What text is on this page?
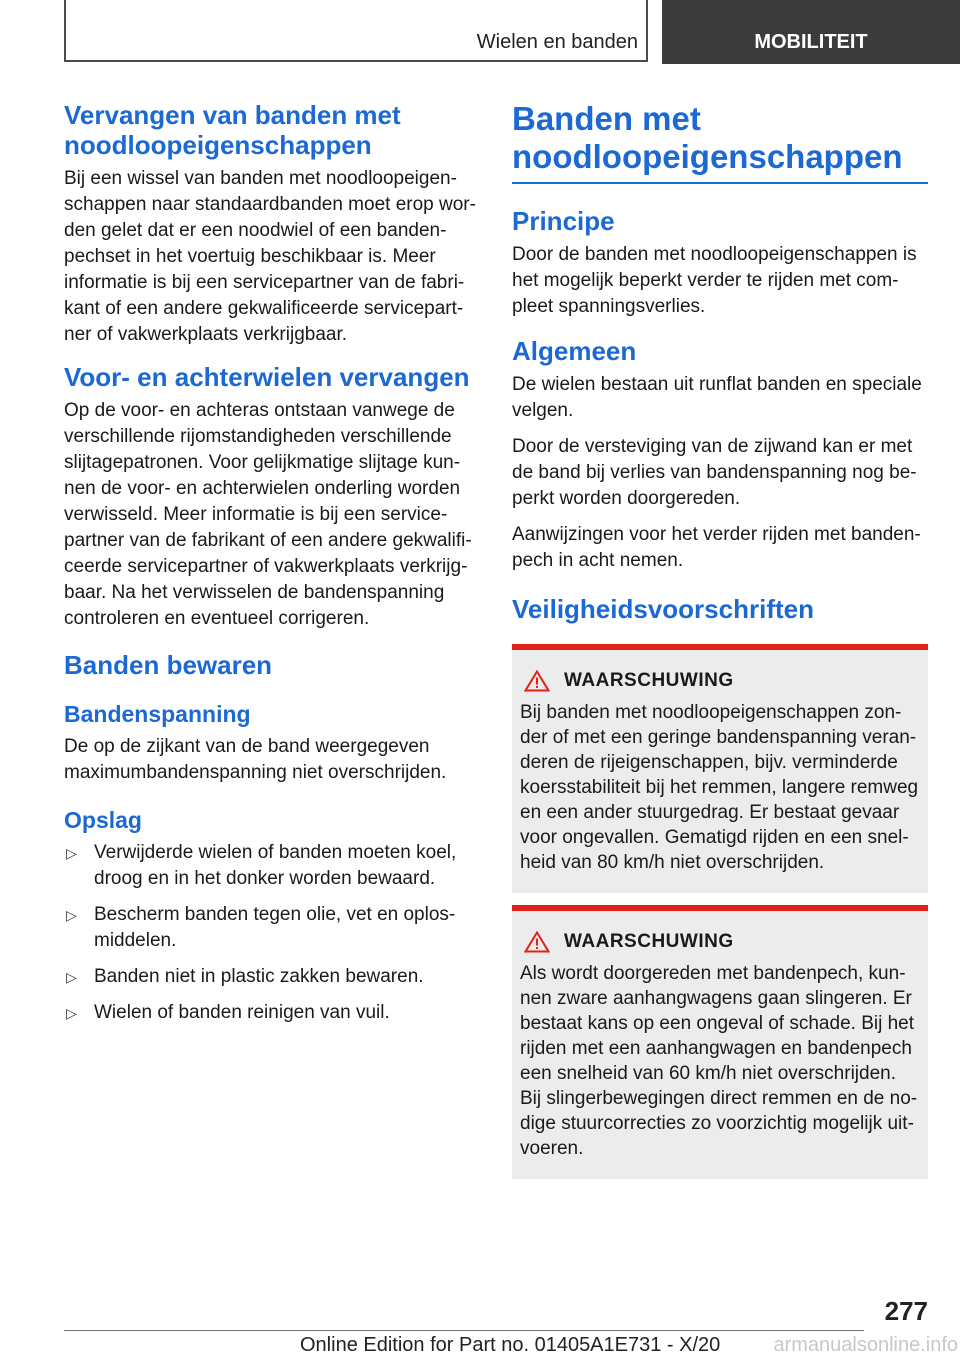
Wielen en banden	MOBILITEIT
Vervangen van banden met noodloopeigenschappen

Bij een wissel van banden met noodloopeigenschappen naar standaardbanden moet erop worden gelet dat er een noodwiel of een bandenpechset in het voertuig beschikbaar is. Meer informatie is bij een servicepartner van de fabrikant of een andere gekwalificeerde servicepartner of vakwerkplaats verkrijgbaar.

Voor- en achterwielen vervangen

Op de voor- en achteras ontstaan vanwege de verschillende rijomstandigheden verschillende slijtagepatronen. Voor gelijkmatige slijtage kunnen de voor- en achterwielen onderling worden verwisseld. Meer informatie is bij een servicepartner van de fabrikant of een andere gekwalificeerde servicepartner of vakwerkplaats verkrijgbaar. Na het verwisselen de bandenspanning controleren en eventueel corrigeren.

Banden bewaren
Bandenspanning

De op de zijkant van de band weergegeven maximumbandenspanning niet overschrijden.

Opslag
▷ Verwijderde wielen of banden moeten koel, droog en in het donker worden bewaard.
▷ Bescherm banden tegen olie, vet en oplosmiddelen.
▷ Banden niet in plastic zakken bewaren.
▷ Wielen of banden reinigen van vuil.
Banden met noodloopeigenschappen
Principe

Door de banden met noodloopeigenschappen is het mogelijk beperkt verder te rijden met compleet spanningsverlies.

Algemeen

De wielen bestaan uit runflat banden en speciale velgen.

Door de versteviging van de zijwand kan er met de band bij verlies van bandenspanning nog beperkt worden doorgereden.

Aanwijzingen voor het verder rijden met bandenpech in acht nemen.

Veiligheidsvoorschriften
WAARSCHUWING

Bij banden met noodloopeigenschappen zonder of met een geringe bandenspanning veranderen de rijeigenschappen, bijv. verminderde koersstabiliteit bij het remmen, langere remweg en een ander stuurgedrag. Er bestaat gevaar voor ongevallen. Gematigd rijden en een snelheid van 80 km/h niet overschrijden.

WAARSCHUWING

Als wordt doorgereden met bandenpech, kunnen zware aanhangwagens gaan slingeren. Er bestaat kans op een ongeval of schade. Bij het rijden met een aanhangwagen en bandenpech een snelheid van 60 km/h niet overschrijden. Bij slingerbewegingen direct remmen en de nodige stuurcorrecties zo voorzichtig mogelijk uitvoeren.

277
Online Edition for Part no. 01405A1E731 - X/20	armanualsonline.info
